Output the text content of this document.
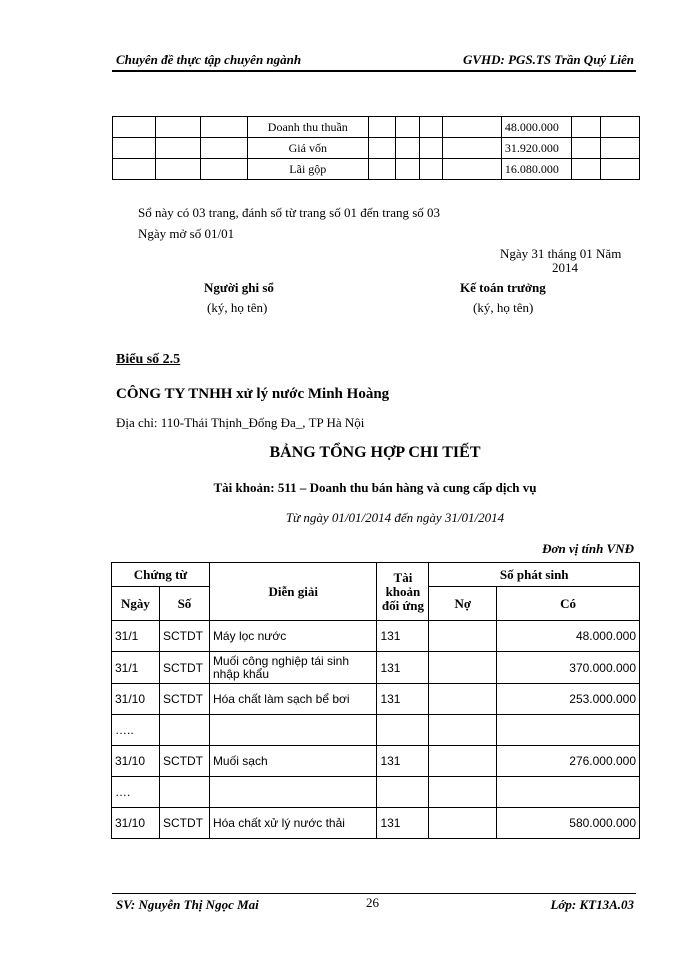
Chuyên đề thực tập chuyên ngành	GVHD: PGS.TS Trần Quý Liên
			Doanh thu thuần					48.000.000		
			Giá vốn					31.920.000		
			Lãi gộp					16.080.000		
Sổ này có 03 trang, đánh số từ trang số 01 đến trang số 03
Ngày mở số 01/01
Ngày 31 tháng 01 Năm
2014
Người ghi sổ
(ký, họ tên)
Kế toán trưởng
(ký, họ tên)
Biểu số 2.5
CÔNG TY TNHH xử lý nước Minh Hoàng
Địa chỉ: 110-Thái Thịnh_Đống Đa_, TP Hà Nội
BẢNG TỔNG HỢP CHI TIẾT
Tài khoản: 511 – Doanh thu bán hàng và cung cấp dịch vụ
Từ ngày 01/01/2014 đến ngày 31/01/2014
Đơn vị tính VNĐ
Chứng từ		Diễn giải	Tài khoản đối ứng	Số phát sinh	
Ngày	Số			Nợ	Có
31/1	SCTDT	Máy lọc nước	131		48.000.000
31/1	SCTDT	Muối công nghiệp tái sinh nhập khẩu	131		370.000.000
31/10	SCTDT	Hóa chất làm sạch bể bơi	131		253.000.000
…..					
31/10	SCTDT	Muối sạch	131		276.000.000
….					
31/10	SCTDT	Hóa chất xử lý nước thải	131		580.000.000
SV: Nguyễn Thị Ngọc Mai	26	Lớp: KT13A.03
